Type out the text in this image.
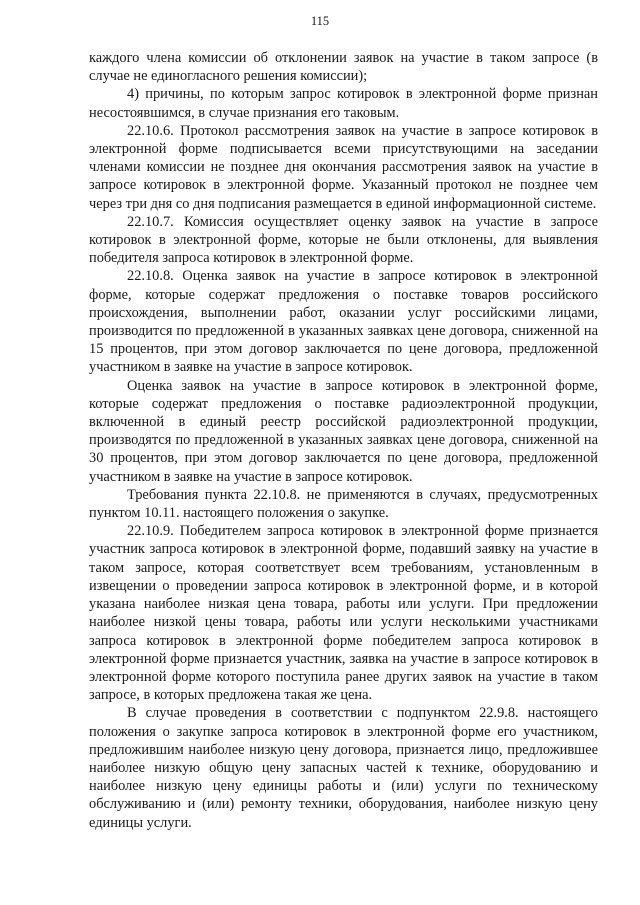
115

каждого члена комиссии об отклонении заявок на участие в таком запросе (в случае не единогласного решения комиссии);

4) причины, по которым запрос котировок в электронной форме признан несостоявшимся, в случае признания его таковым.

22.10.6. Протокол рассмотрения заявок на участие в запросе котировок в электронной форме подписывается всеми присутствующими на заседании членами комиссии не позднее дня окончания рассмотрения заявок на участие в запросе котировок в электронной форме. Указанный протокол не позднее чем через три дня со дня подписания размещается в единой информационной системе.

22.10.7. Комиссия осуществляет оценку заявок на участие в запросе котировок в электронной форме, которые не были отклонены, для выявления победителя запроса котировок в электронной форме.

22.10.8. Оценка заявок на участие в запросе котировок в электронной форме, которые содержат предложения о поставке товаров российского происхождения, выполнении работ, оказании услуг российскими лицами, производится по предложенной в указанных заявках цене договора, сниженной на 15 процентов, при этом договор заключается по цене договора, предложенной участником в заявке на участие в запросе котировок.

Оценка заявок на участие в запросе котировок в электронной форме, которые содержат предложения о поставке радиоэлектронной продукции, включенной в единый реестр российской радиоэлектронной продукции, производятся по предложенной в указанных заявках цене договора, сниженной на 30 процентов, при этом договор заключается по цене договора, предложенной участником в заявке на участие в запросе котировок.

Требования пункта 22.10.8. не применяются в случаях, предусмотренных пунктом 10.11. настоящего положения о закупке.

22.10.9. Победителем запроса котировок в электронной форме признается участник запроса котировок в электронной форме, подавший заявку на участие в таком запросе, которая соответствует всем требованиям, установленным в извещении о проведении запроса котировок в электронной форме, и в которой указана наиболее низкая цена товара, работы или услуги. При предложении наиболее низкой цены товара, работы или услуги несколькими участниками запроса котировок в электронной форме победителем запроса котировок в электронной форме признается участник, заявка на участие в запросе котировок в электронной форме которого поступила ранее других заявок на участие в таком запросе, в которых предложена такая же цена.

В случае проведения в соответствии с подпунктом 22.9.8. настоящего положения о закупке запроса котировок в электронной форме его участником, предложившим наиболее низкую цену договора, признается лицо, предложившее наиболее низкую общую цену запасных частей к технике, оборудованию и наиболее низкую цену единицы работы и (или) услуги по техническому обслуживанию и (или) ремонту техники, оборудования, наиболее низкую цену единицы услуги.
